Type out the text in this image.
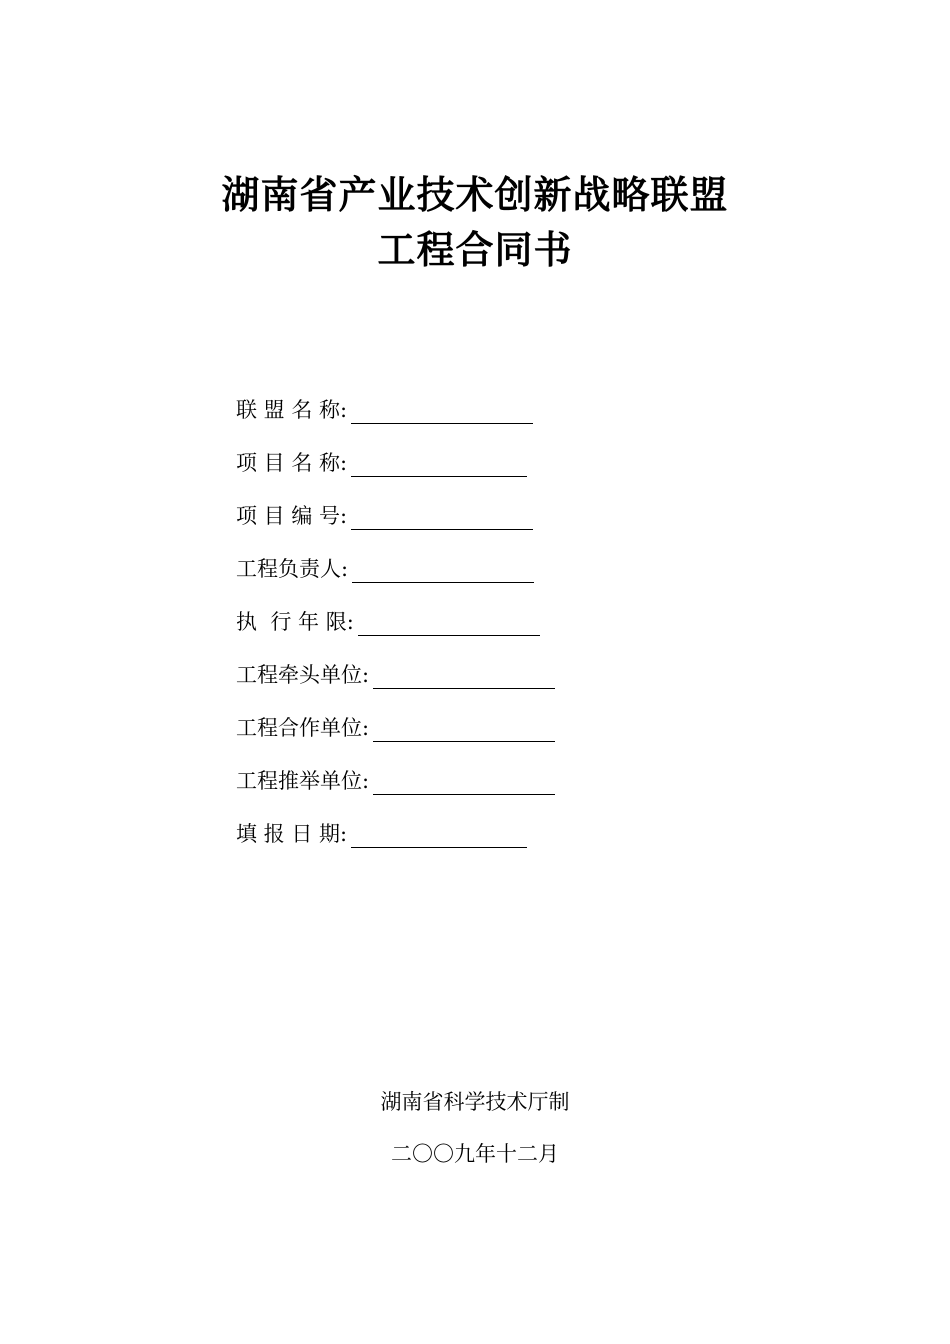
湖南省产业技术创新战略联盟
工程合同书
联 盟 名 称:
项 目 名 称:
项 目 编 号:
工程负责人:
执  行 年 限:
工程牵头单位:
工程合作单位:
工程推举单位:
填 报 日 期:
湖南省科学技术厅制
二〇〇九年十二月
